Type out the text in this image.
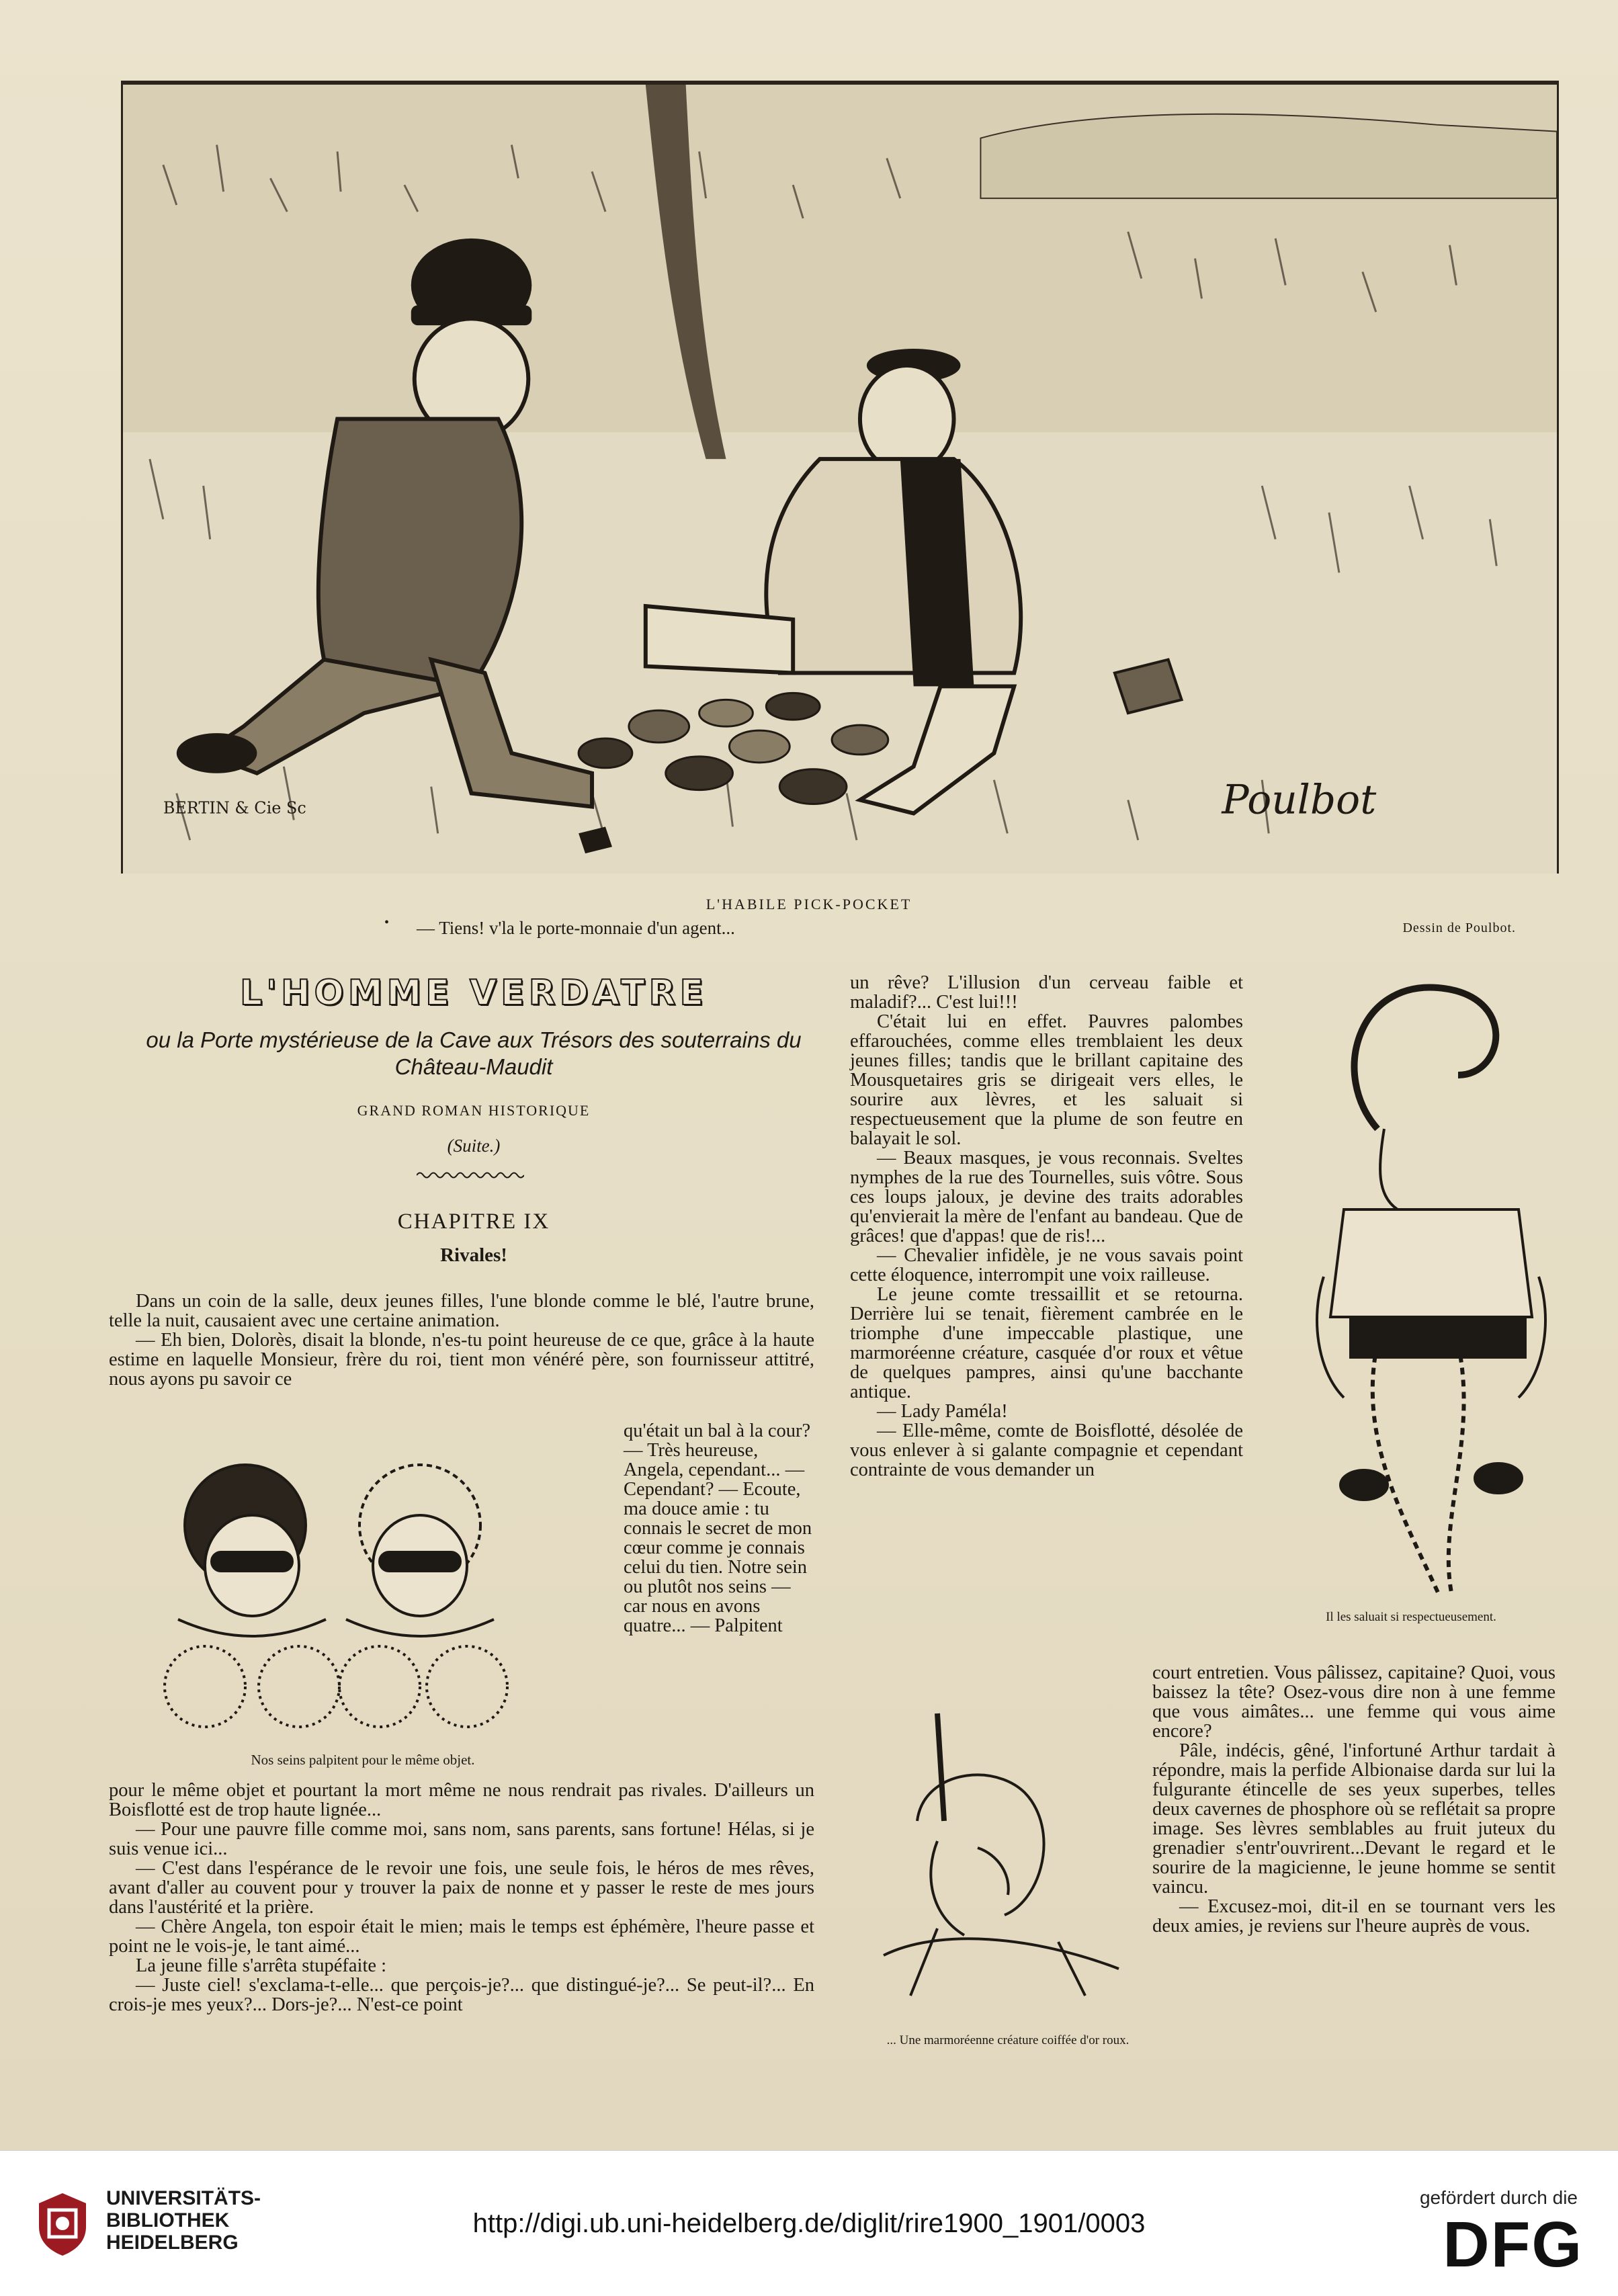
Poulbot
BERTIN & Cie Sc
L'HABILE PICK-POCKET
• — Tiens! v'la le porte-monnaie d'un agent...	Dessin de Poulbot.
L'HOMME VERDATRE
ou la Porte mystérieuse de la Cave aux Trésors des souterrains du Château-Maudit
GRAND ROMAN HISTORIQUE
(Suite.)
CHAPITRE IX
Rivales!

Dans un coin de la salle, deux jeunes filles, l'une blonde comme le blé, l'autre brune, telle la nuit, causaient avec une certaine animation.

— Eh bien, Dolorès, disait la blonde, n'es-tu point heureuse de ce que, grâce à la haute estime en laquelle Monsieur, frère du roi, tient mon vénéré père, son fournisseur attitré, nous ayons pu savoir ce

Nos seins palpitent pour le même objet.

qu'était un bal à la cour? — Très heureuse, Angela, cependant... — Cependant? — Ecoute, ma douce amie : tu connais le secret de mon cœur comme je connais celui du tien. Notre sein ou plutôt nos seins — car nous en avons quatre... — Palpitent

pour le même objet et pourtant la mort même ne nous rendrait pas rivales. D'ailleurs un Boisflotté est de trop haute lignée...

— Pour une pauvre fille comme moi, sans nom, sans parents, sans fortune! Hélas, si je suis venue ici...

— C'est dans l'espérance de le revoir une fois, une seule fois, le héros de mes rêves, avant d'aller au couvent pour y trouver la paix de nonne et y passer le reste de mes jours dans l'austérité et la prière.

— Chère Angela, ton espoir était le mien; mais le temps est éphémère, l'heure passe et point ne le vois-je, le tant aimé...

La jeune fille s'arrêta stupéfaite :

— Juste ciel! s'exclama-t-elle... que perçois-je?... que distingué-je?... Se peut-il?... En crois-je mes yeux?... Dors-je?... N'est-ce point

un rêve? L'illusion d'un cerveau faible et maladif?... C'est lui!!!

C'était lui en effet. Pauvres palombes effarouchées, comme elles tremblaient les deux jeunes filles; tandis que le brillant capitaine des Mousquetaires gris se dirigeait vers elles, le sourire aux lèvres, et les saluait si respectueusement que la plume de son feutre en balayait le sol.

— Beaux masques, je vous reconnais. Sveltes nymphes de la rue des Tournelles, suis vôtre. Sous ces loups jaloux, je devine des traits adorables qu'envierait la mère de l'enfant au bandeau. Que de grâces! que d'appas! que de ris!...

— Chevalier infidèle, je ne vous savais point cette éloquence, interrompit une voix railleuse.

Le jeune comte tressaillit et se retourna. Derrière lui se tenait, fièrement cambrée en le triomphe d'une impeccable plastique, une marmoréenne créature, casquée d'or roux et vêtue de quelques pampres, ainsi qu'une bacchante antique.

— Lady Paméla!

— Elle-même, comte de Boisflotté, désolée de vous enlever à si galante compagnie et cependant contrainte de vous demander un

Il les saluait si respectueusement.
... Une marmoréenne créature coiffée d'or roux.

court entretien. Vous pâlissez, capitaine? Quoi, vous baissez la tête? Osez-vous dire non à une femme que vous aimâtes... une femme qui vous aime encore?

Pâle, indécis, gêné, l'infortuné Arthur tardait à répondre, mais la perfide Albionaise darda sur lui la fulgurante étincelle de ses yeux superbes, telles deux cavernes de phosphore où se reflétait sa propre image. Ses lèvres semblables au fruit juteux du grenadier s'entr'ouvrirent...Devant le regard et le sourire de la magicienne, le jeune homme se sentit vaincu.

— Excusez-moi, dit-il en se tournant vers les deux amies, je reviens sur l'heure auprès de vous.

UNIVERSITÄTS-
BIBLIOTHEK
HEIDELBERG
http://digi.ub.uni-heidelberg.de/diglit/rire1900_1901/0003
gefördert durch die
DFG
